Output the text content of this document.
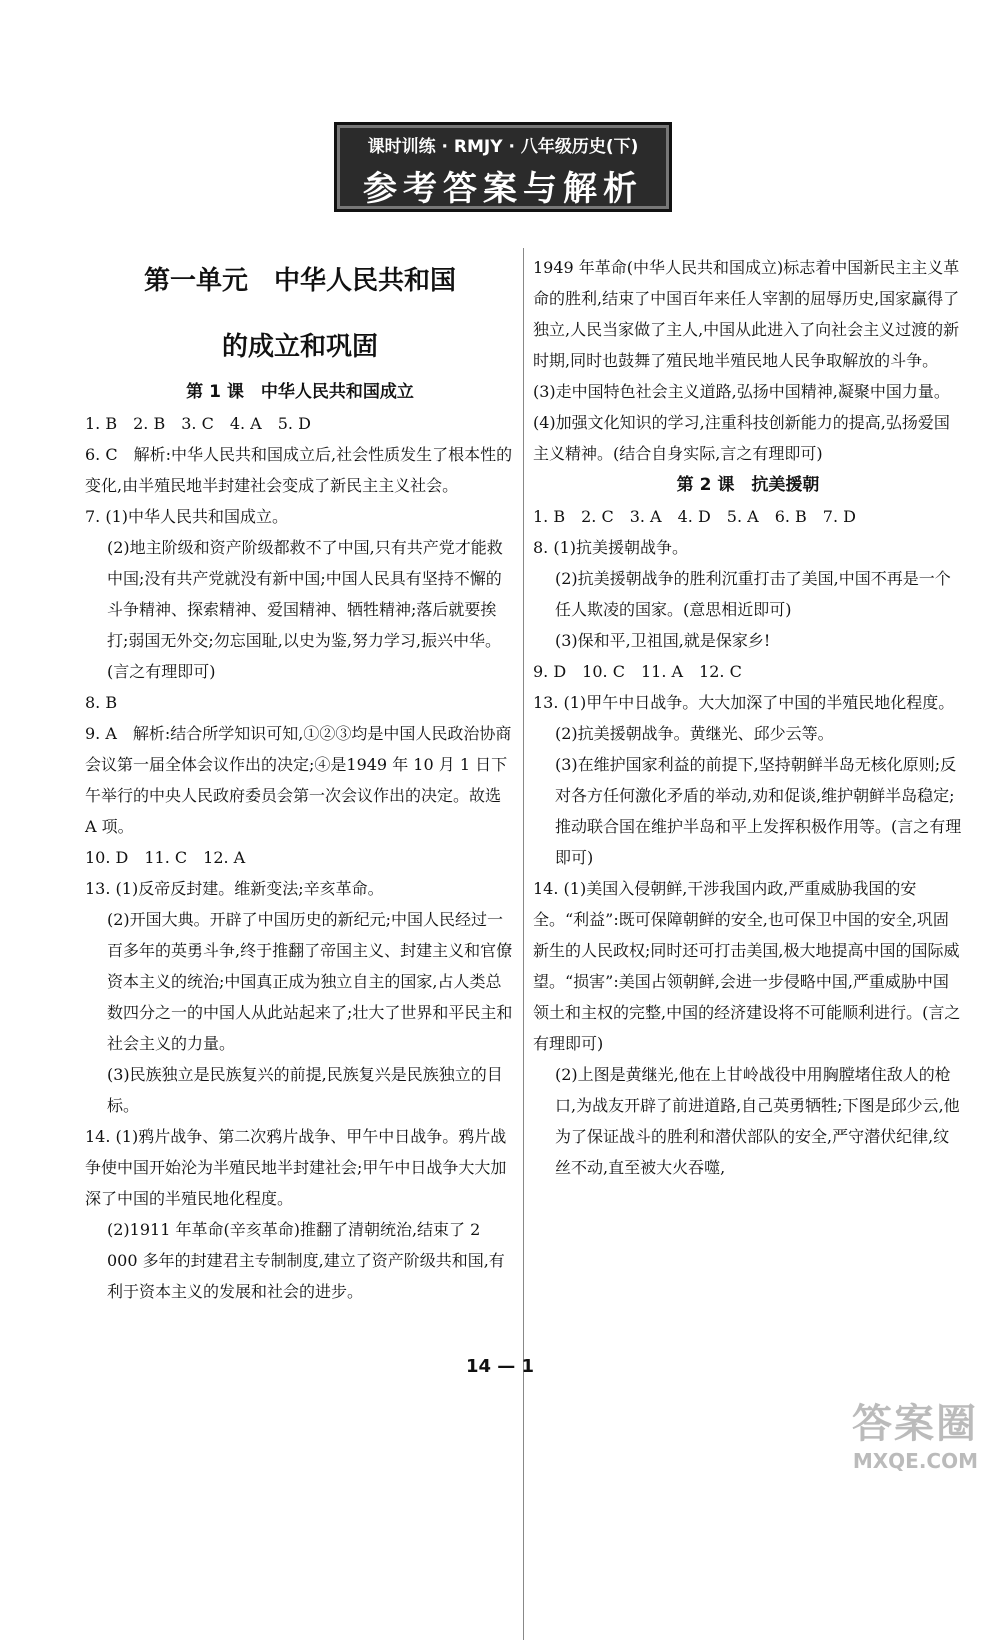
课时训练 · RMJY · 八年级历史(下)
参考答案与解析
第一单元　中华人民共和国
的成立和巩固
第 1 课　中华人民共和国成立

1. B　2. B　3. C　4. A　5. D

6. C　解析:中华人民共和国成立后,社会性质发生了根本性的变化,由半殖民地半封建社会变成了新民主主义社会。

7. (1)中华人民共和国成立。

(2)地主阶级和资产阶级都救不了中国,只有共产党才能救中国;没有共产党就没有新中国;中国人民具有坚持不懈的斗争精神、探索精神、爱国精神、牺牲精神;落后就要挨打;弱国无外交;勿忘国耻,以史为鉴,努力学习,振兴中华。(言之有理即可)

8. B

9. A　解析:结合所学知识可知,①②③均是中国人民政治协商会议第一届全体会议作出的决定;④是1949 年 10 月 1 日下午举行的中央人民政府委员会第一次会议作出的决定。故选 A 项。

10. D　11. C　12. A

13. (1)反帝反封建。维新变法;辛亥革命。

(2)开国大典。开辟了中国历史的新纪元;中国人民经过一百多年的英勇斗争,终于推翻了帝国主义、封建主义和官僚资本主义的统治;中国真正成为独立自主的国家,占人类总数四分之一的中国人从此站起来了;壮大了世界和平民主和社会主义的力量。

(3)民族独立是民族复兴的前提,民族复兴是民族独立的目标。

14. (1)鸦片战争、第二次鸦片战争、甲午中日战争。鸦片战争使中国开始沦为半殖民地半封建社会;甲午中日战争大大加深了中国的半殖民地化程度。

(2)1911 年革命(辛亥革命)推翻了清朝统治,结束了 2 000 多年的封建君主专制制度,建立了资产阶级共和国,有利于资本主义的发展和社会的进步。

1949 年革命(中华人民共和国成立)标志着中国新民主主义革命的胜利,结束了中国百年来任人宰割的屈辱历史,国家赢得了独立,人民当家做了主人,中国从此进入了向社会主义过渡的新时期,同时也鼓舞了殖民地半殖民地人民争取解放的斗争。

(3)走中国特色社会主义道路,弘扬中国精神,凝聚中国力量。

(4)加强文化知识的学习,注重科技创新能力的提高,弘扬爱国主义精神。(结合自身实际,言之有理即可)

第 2 课　抗美援朝

1. B　2. C　3. A　4. D　5. A　6. B　7. D

8. (1)抗美援朝战争。

(2)抗美援朝战争的胜利沉重打击了美国,中国不再是一个任人欺凌的国家。(意思相近即可)

(3)保和平,卫祖国,就是保家乡!

9. D　10. C　11. A　12. C

13. (1)甲午中日战争。大大加深了中国的半殖民地化程度。

(2)抗美援朝战争。黄继光、邱少云等。

(3)在维护国家利益的前提下,坚持朝鲜半岛无核化原则;反对各方任何激化矛盾的举动,劝和促谈,维护朝鲜半岛稳定;推动联合国在维护半岛和平上发挥积极作用等。(言之有理即可)

14. (1)美国入侵朝鲜,干涉我国内政,严重威胁我国的安全。“利益”:既可保障朝鲜的安全,也可保卫中国的安全,巩固新生的人民政权;同时还可打击美国,极大地提高中国的国际威望。“损害”:美国占领朝鲜,会进一步侵略中国,严重威胁中国领土和主权的完整,中国的经济建设将不可能顺利进行。(言之有理即可)

(2)上图是黄继光,他在上甘岭战役中用胸膛堵住敌人的枪口,为战友开辟了前进道路,自己英勇牺牲;下图是邱少云,他为了保证战斗的胜利和潜伏部队的安全,严守潜伏纪律,纹丝不动,直至被大火吞噬,

14 — 1
答案圈
MXQE.COM
